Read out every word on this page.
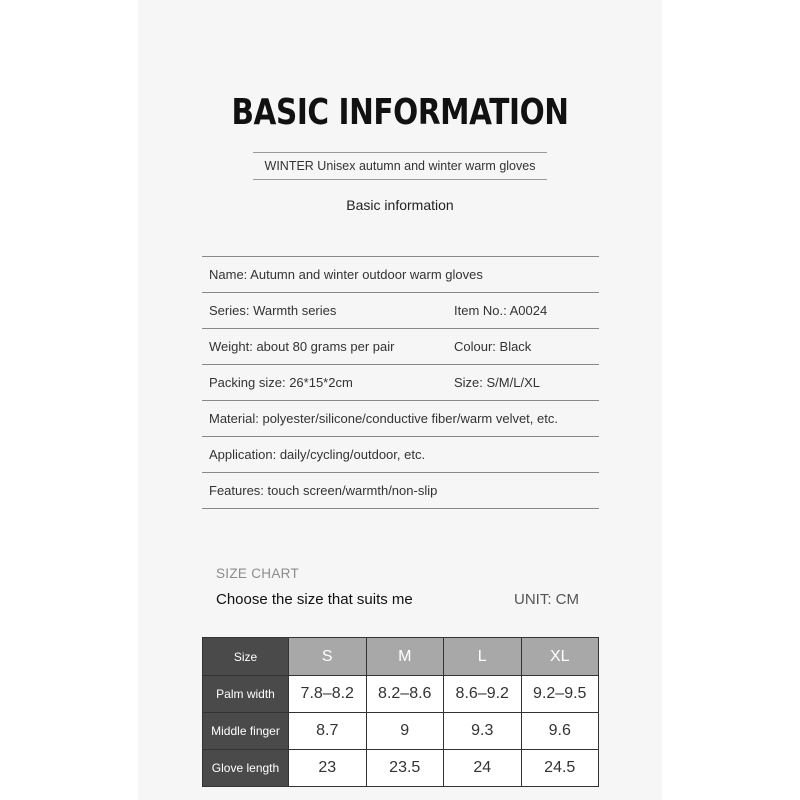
BASIC INFORMATION
WINTER Unisex autumn and winter warm gloves
Basic information
Name: Autumn and winter outdoor warm gloves
Series: Warmth series	Item No.: A0024
Weight: about 80 grams per pair	Colour: Black
Packing size: 26*15*2cm	Size: S/M/L/XL
Material: polyester/silicone/conductive fiber/warm velvet, etc.
Application: daily/cycling/outdoor, etc.
Features: touch screen/warmth/non-slip
SIZE CHART
Choose the size that suits me	UNIT: CM
Size	S	M	L	XL
Palm width	7.8–8.2	8.2–8.6	8.6–9.2	9.2–9.5
Middle finger	8.7	9	9.3	9.6
Glove length	23	23.5	24	24.5
